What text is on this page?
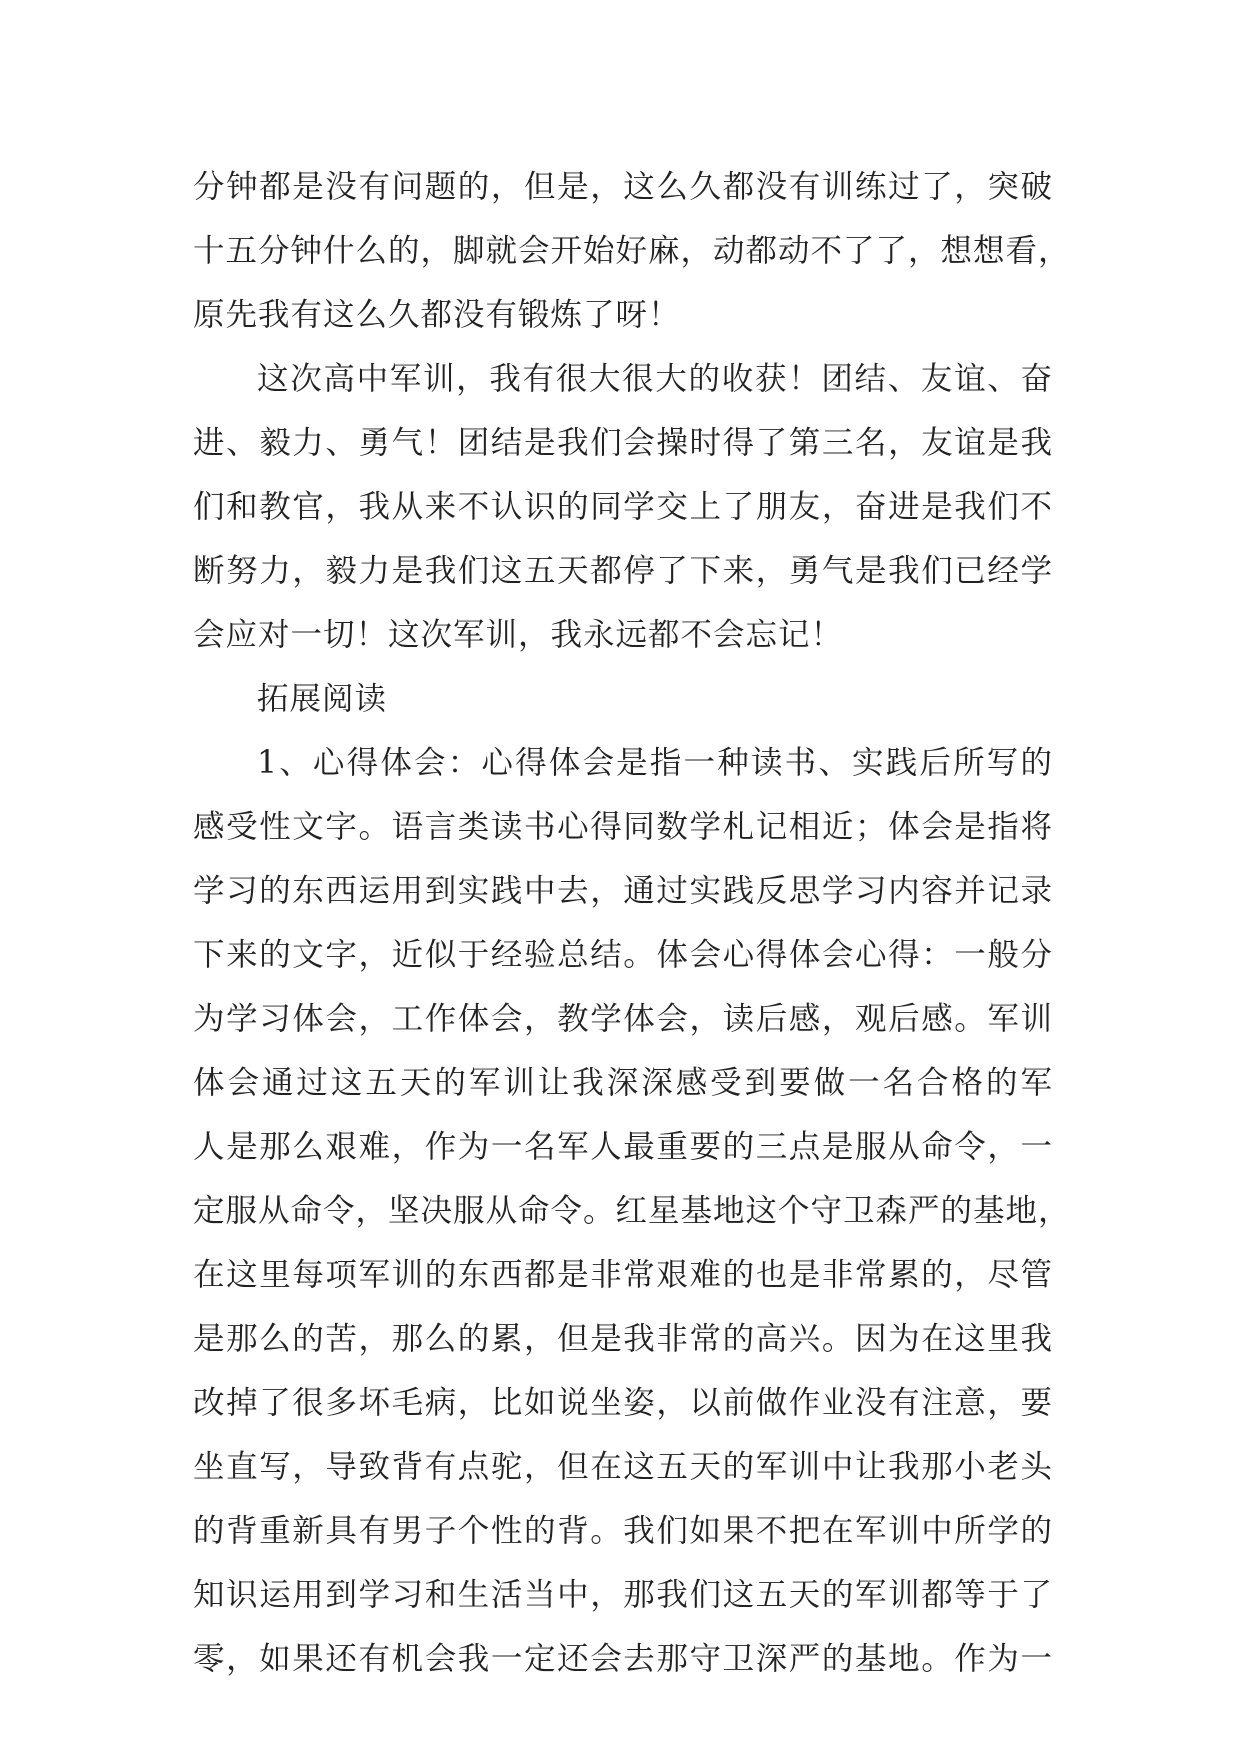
分钟都是没有问题的，但是，这么久都没有训练过了，突破
十五分钟什么的，脚就会开始好麻，动都动不了了，想想看，
原先我有这么久都没有锻炼了呀！
这次高中军训，我有很大很大的收获！团结、友谊、奋
进、毅力、勇气！团结是我们会操时得了第三名，友谊是我
们和教官，我从来不认识的同学交上了朋友，奋进是我们不
断努力，毅力是我们这五天都停了下来，勇气是我们已经学
会应对一切！这次军训，我永远都不会忘记！
拓展阅读
1、心得体会：心得体会是指一种读书、实践后所写的
感受性文字。语言类读书心得同数学札记相近；体会是指将
学习的东西运用到实践中去，通过实践反思学习内容并记录
下来的文字，近似于经验总结。体会心得体会心得：一般分
为学习体会，工作体会，教学体会，读后感，观后感。军训
体会通过这五天的军训让我深深感受到要做一名合格的军
人是那么艰难，作为一名军人最重要的三点是服从命令，一
定服从命令，坚决服从命令。红星基地这个守卫森严的基地，
在这里每项军训的东西都是非常艰难的也是非常累的，尽管
是那么的苦，那么的累，但是我非常的高兴。因为在这里我
改掉了很多坏毛病，比如说坐姿，以前做作业没有注意，要
坐直写，导致背有点驼，但在这五天的军训中让我那小老头
的背重新具有男子个性的背。我们如果不把在军训中所学的
知识运用到学习和生活当中，那我们这五天的军训都等于了
零，如果还有机会我一定还会去那守卫深严的基地。作为一
